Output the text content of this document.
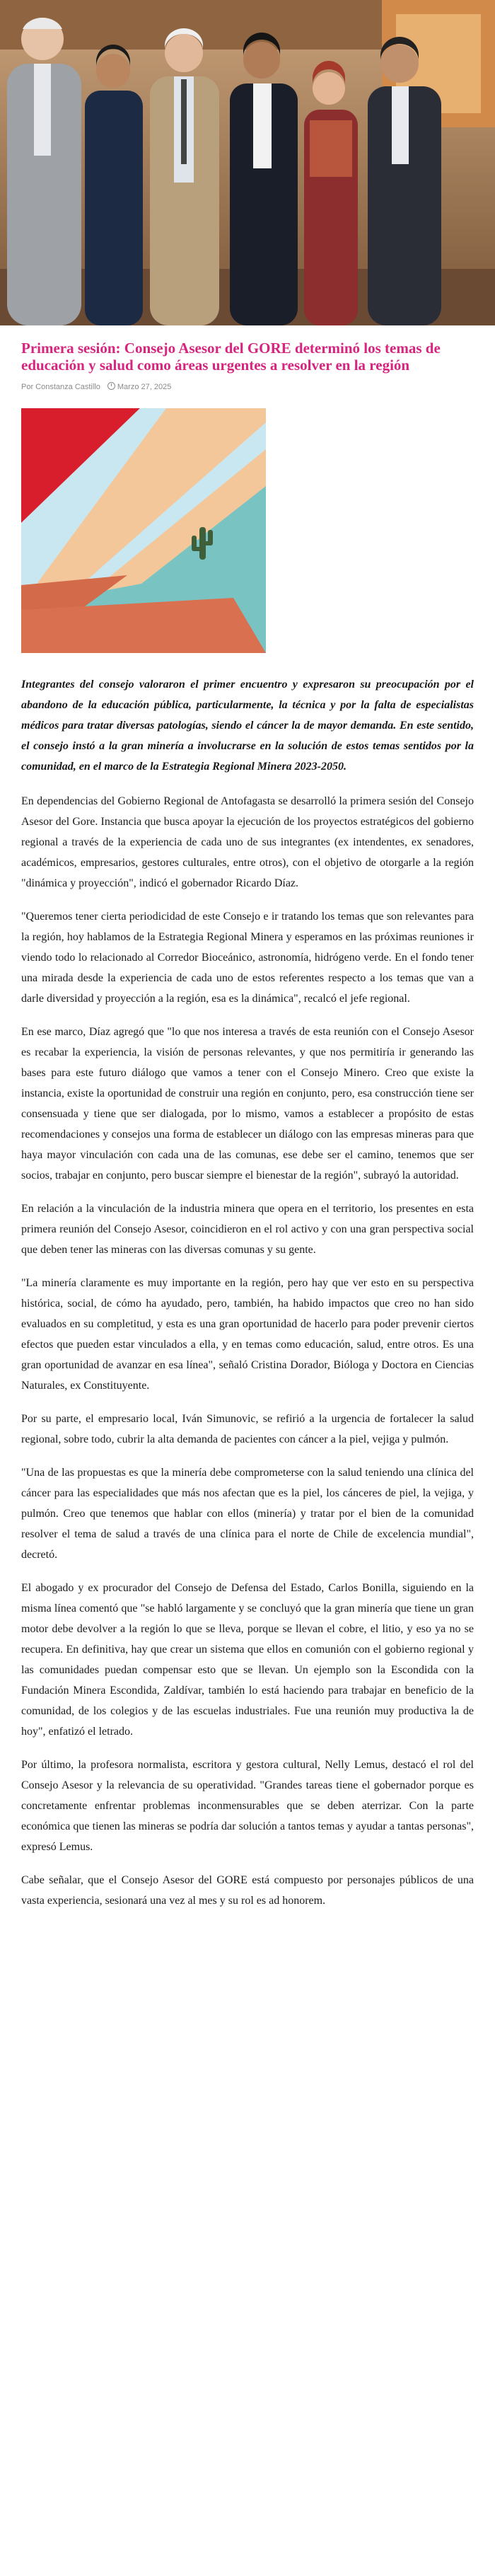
Primera sesión: Consejo Asesor del GORE determinó los temas de educación y salud como áreas urgentes a resolver en la región
Por Constanza Castillo	Marzo 27, 2025

Integrantes del consejo valoraron el primer encuentro y expresaron su preocupación por el abandono de la educación pública, particularmente, la técnica y por la falta de especialistas médicos para tratar diversas patologías, siendo el cáncer la de mayor demanda. En este sentido, el consejo instó a la gran minería a involucrarse en la solución de estos temas sentidos por la comunidad, en el marco de la Estrategia Regional Minera 2023-2050.

En dependencias del Gobierno Regional de Antofagasta se desarrolló la primera sesión del Consejo Asesor del Gore. Instancia que busca apoyar la ejecución de los proyectos estratégicos del gobierno regional a través de la experiencia de cada uno de sus integrantes (ex intendentes, ex senadores, académicos, empresarios, gestores culturales, entre otros), con el objetivo de otorgarle a la región "dinámica y proyección", indicó el gobernador Ricardo Díaz.

"Queremos tener cierta periodicidad de este Consejo e ir tratando los temas que son relevantes para la región, hoy hablamos de la Estrategia Regional Minera y esperamos en las próximas reuniones ir viendo todo lo relacionado al Corredor Bioceánico, astronomía, hidrógeno verde. En el fondo tener una mirada desde la experiencia de cada uno de estos referentes respecto a los temas que van a darle diversidad y proyección a la región, esa es la dinámica", recalcó el jefe regional.

En ese marco, Díaz agregó que "lo que nos interesa a través de esta reunión con el Consejo Asesor es recabar la experiencia, la visión de personas relevantes, y que nos permitiría ir generando las bases para este futuro diálogo que vamos a tener con el Consejo Minero. Creo que existe la instancia, existe la oportunidad de construir una región en conjunto, pero, esa construcción tiene ser consensuada y tiene que ser dialogada, por lo mismo, vamos a establecer a propósito de estas recomendaciones y consejos una forma de establecer un diálogo con las empresas mineras para que haya mayor vinculación con cada una de las comunas, ese debe ser el camino, tenemos que ser socios, trabajar en conjunto, pero buscar siempre el bienestar de la región", subrayó la autoridad.

En relación a la vinculación de la industria minera que opera en el territorio, los presentes en esta primera reunión del Consejo Asesor, coincidieron en el rol activo y con una gran perspectiva social que deben tener las mineras con las diversas comunas y su gente.

"La minería claramente es muy importante en la región, pero hay que ver esto en su perspectiva histórica, social, de cómo ha ayudado, pero, también, ha habido impactos que creo no han sido evaluados en su completitud, y esta es una gran oportunidad de hacerlo para poder prevenir ciertos efectos que pueden estar vinculados a ella, y en temas como educación, salud, entre otros. Es una gran oportunidad de avanzar en esa línea", señaló Cristina Dorador, Bióloga y Doctora en Ciencias Naturales, ex Constituyente.

Por su parte, el empresario local, Iván Simunovic, se refirió a la urgencia de fortalecer la salud regional, sobre todo, cubrir la alta demanda de pacientes con cáncer a la piel, vejiga y pulmón.

"Una de las propuestas es que la minería debe comprometerse con la salud teniendo una clínica del cáncer para las especialidades que más nos afectan que es la piel, los cánceres de piel, la vejiga, y pulmón. Creo que tenemos que hablar con ellos (minería) y tratar por el bien de la comunidad resolver el tema de salud a través de una clínica para el norte de Chile de excelencia mundial", decretó.

El abogado y ex procurador del Consejo de Defensa del Estado, Carlos Bonilla, siguiendo en la misma línea comentó que "se habló largamente y se concluyó que la gran minería que tiene un gran motor debe devolver a la región lo que se lleva, porque se llevan el cobre, el litio, y eso ya no se recupera. En definitiva, hay que crear un sistema que ellos en comunión con el gobierno regional y las comunidades puedan compensar esto que se llevan. Un ejemplo son la Escondida con la Fundación Minera Escondida, Zaldívar, también lo está haciendo para trabajar en beneficio de la comunidad, de los colegios y de las escuelas industriales. Fue una reunión muy productiva la de hoy", enfatizó el letrado.

Por último, la profesora normalista, escritora y gestora cultural, Nelly Lemus, destacó el rol del Consejo Asesor y la relevancia de su operatividad. "Grandes tareas tiene el gobernador porque es concretamente enfrentar problemas inconmensurables que se deben aterrizar. Con la parte económica que tienen las mineras se podría dar solución a tantos temas y ayudar a tantas personas", expresó Lemus.

Cabe señalar, que el Consejo Asesor del GORE está compuesto por personajes públicos de una vasta experiencia, sesionará una vez al mes y su rol es ad honorem.
